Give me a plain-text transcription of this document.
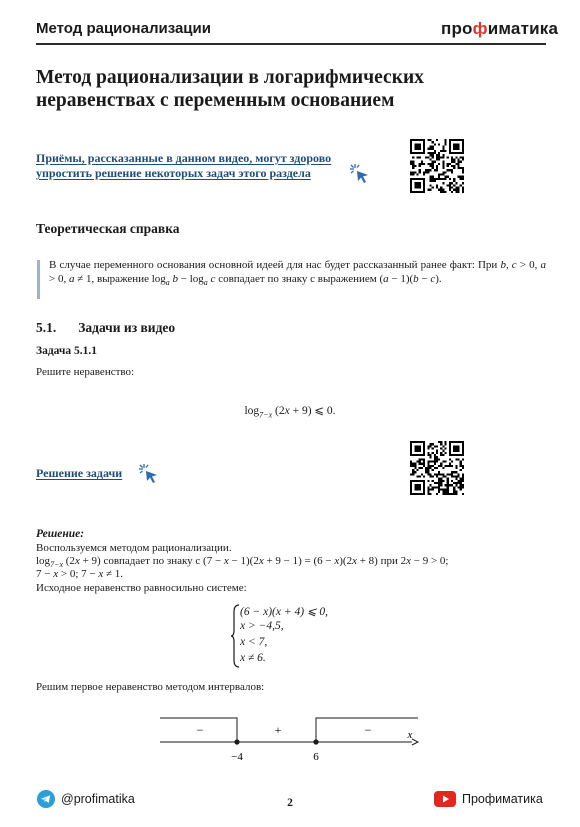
Метод рационализации	профиматика
Метод рационализации в логарифмических неравенствах с переменным основанием
Приёмы, рассказанные в данном видео, могут здорово упростить решение некоторых задач этого раздела
Теоретическая справка
В случае переменного основания основной идеей для нас будет рассказанный ранее факт: При b, c > 0, a > 0, a ≠ 1, выражение $\log_a b - \log_a c$ совпадает по знаку с выражением (a − 1)(b − c).
5.1. Задачи из видео
Задача 5.1.1
Решите неравенство:
$\log_{7-x} (2x + 9)$ ⩽ 0.
Решение задачи
Решение:
Воспользуемся методом рационализации.
$\log_{7-x} (2x + 9)$ совпадает по знаку с (7 − x − 1)(2x + 9 − 1) = (6 − x)(2x + 8) при 2x − 9 > 0;
7 − x > 0; 7 − x ≠ 1.
Исходное неравенство равносильно системе:
(6 − x)(x + 4) ⩽ 0,
x > −4,5,
x < 7,
x ≠ 6.
Решим первое неравенство методом интервалов:
−	+	−
−4	6
x
@profimatika	2	Профиматика
